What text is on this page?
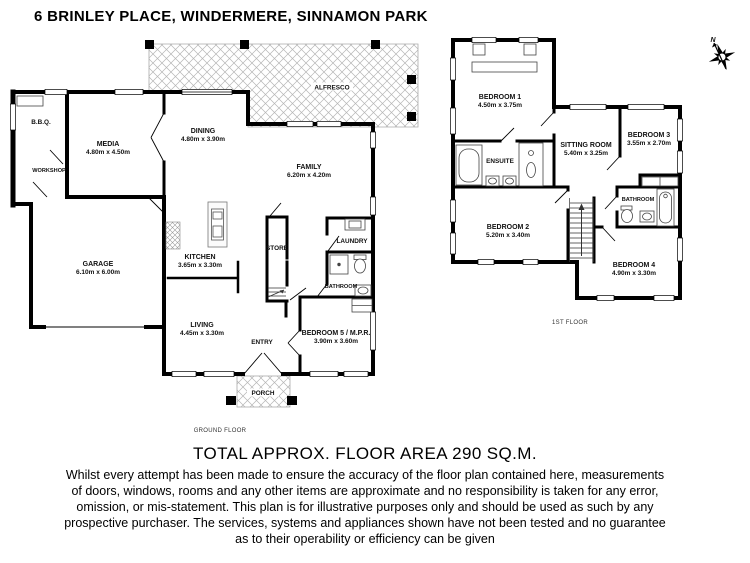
6 BRINLEY PLACE, WINDERMERE, SINNAMON PARK
ALFRESCO
B.B.Q.
WORKSHOP
MEDIA
4.80m x 4.50m
DINING
4.80m x 3.90m
FAMILY
6.20m x 4.20m
GARAGE
6.10m x 6.00m
KITCHEN
3.65m x 3.30m
STORE
LAUNDRY
BATHROOM
LIVING
4.45m x 3.30m
ENTRY
BEDROOM 5 / M.P.R.
3.90m x 3.60m
PORCH
GROUND FLOOR
BEDROOM 1
4.50m x 3.75m
ENSUITE
SITTING ROOM
5.40m x 3.25m
BEDROOM 3
3.55m x 2.70m
BEDROOM 2
5.20m x 3.40m
BATHROOM
BEDROOM 4
4.90m x 3.30m
1ST FLOOR
N
TOTAL APPROX. FLOOR AREA 290 SQ.M.
Whilst every attempt has been made to ensure the accuracy of the floor plan contained here, measurements of doors, windows, rooms and any other items are approximate and no responsibility is taken for any error, omission, or mis-statement. This plan is for illustrative purposes only and should be used as such by any prospective purchaser. The services, systems and appliances shown have not been tested and no guarantee as to their operability or efficiency can be given
